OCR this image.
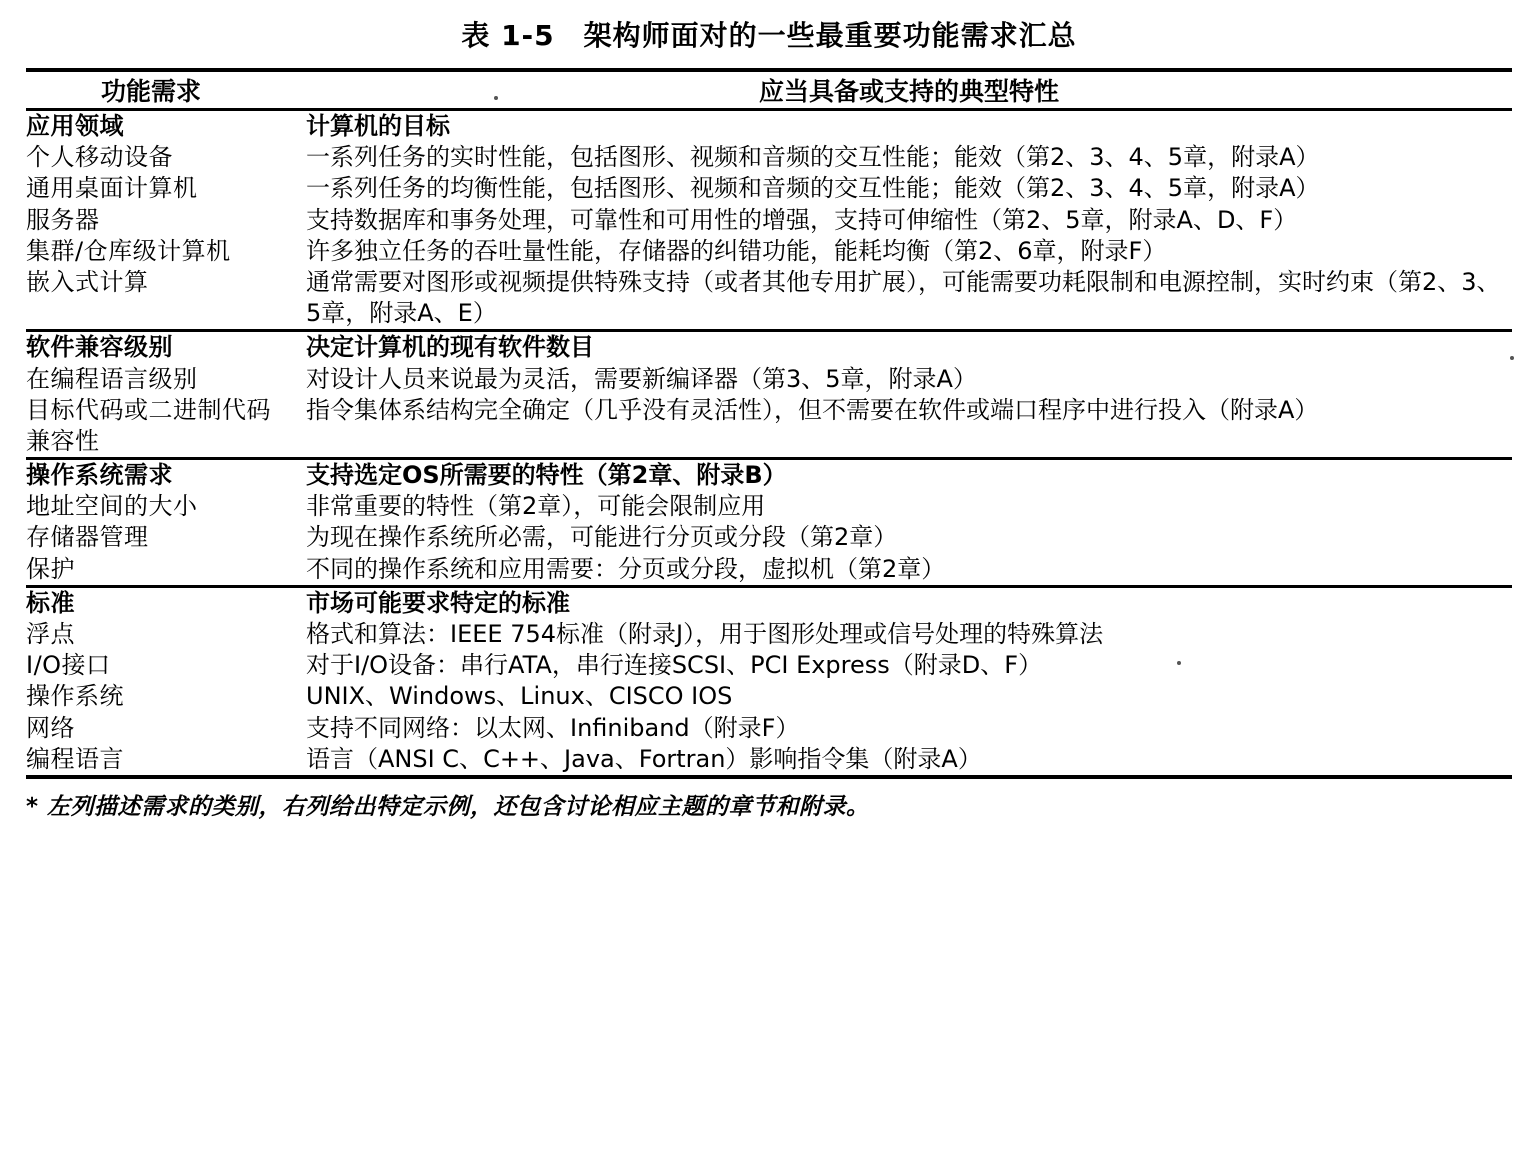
表 1-5　架构师面对的一些最重要功能需求汇总
功能需求	应当具备或支持的典型特性

应用领域	计算机的目标
个人移动设备	一系列任务的实时性能，包括图形、视频和音频的交互性能；能效（第2、3、4、5章，附录A）
通用桌面计算机	一系列任务的均衡性能，包括图形、视频和音频的交互性能；能效（第2、3、4、5章，附录A）
服务器	支持数据库和事务处理，可靠性和可用性的增强，支持可伸缩性（第2、5章，附录A、D、F）
集群/仓库级计算机	许多独立任务的吞吐量性能，存储器的纠错功能，能耗均衡（第2、6章，附录F）
嵌入式计算	通常需要对图形或视频提供特殊支持（或者其他专用扩展），可能需要功耗限制和电源控制，实时约束（第2、3、5章，附录A、E）

软件兼容级别	决定计算机的现有软件数目
在编程语言级别	对设计人员来说最为灵活，需要新编译器（第3、5章，附录A）
目标代码或二进制代码兼容性	指令集体系结构完全确定（几乎没有灵活性），但不需要在软件或端口程序中进行投入（附录A）

操作系统需求	支持选定OS所需要的特性（第2章、附录B）
地址空间的大小	非常重要的特性（第2章），可能会限制应用
存储器管理	为现在操作系统所必需，可能进行分页或分段（第2章）
保护	不同的操作系统和应用需要：分页或分段，虚拟机（第2章）

标准	市场可能要求特定的标准
浮点	格式和算法：IEEE 754标准（附录J），用于图形处理或信号处理的特殊算法
I/O接口	对于I/O设备：串行ATA，串行连接SCSI、PCI Express（附录D、F）
操作系统	UNIX、Windows、Linux、CISCO IOS
网络	支持不同网络：以太网、Infiniband（附录F）
编程语言	语言（ANSI C、C++、Java、Fortran）影响指令集（附录A）
* 左列描述需求的类别，右列给出特定示例，还包含讨论相应主题的章节和附录。
